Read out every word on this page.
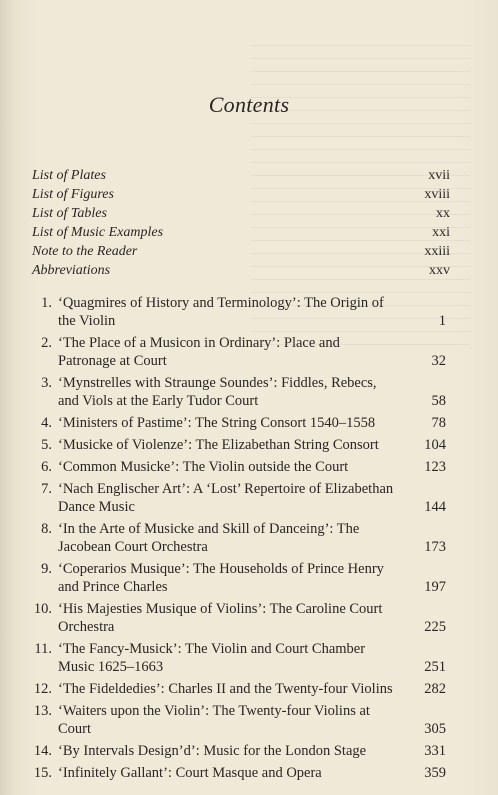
Contents
List of Plates	xvii
List of Figures	xviii
List of Tables	xx
List of Music Examples	xxi
Note to the Reader	xxiii
Abbreviations	xxv
1. ‘Quagmires of History and Terminology’: The Origin of the Violin	1
2. ‘The Place of a Musicon in Ordinary’: Place and Patronage at Court	32
3. ‘Mynstrelles with Straunge Soundes’: Fiddles, Rebecs, and Viols at the Early Tudor Court	58
4. ‘Ministers of Pastime’: The String Consort 1540–1558	78
5. ‘Musicke of Violenze’: The Elizabethan String Consort	104
6. ‘Common Musicke’: The Violin outside the Court	123
7. ‘Nach Englischer Art’: A ‘Lost’ Repertoire of Elizabethan Dance Music	144
8. ‘In the Arte of Musicke and Skill of Danceing’: The Jacobean Court Orchestra	173
9. ‘Coperarios Musique’: The Households of Prince Henry and Prince Charles	197
10. ‘His Majesties Musique of Violins’: The Caroline Court Orchestra	225
11. ‘The Fancy-Musick’: The Violin and Court Chamber Music 1625–1663	251
12. ‘The Fideldedies’: Charles II and the Twenty-four Violins	282
13. ‘Waiters upon the Violin’: The Twenty-four Violins at Court	305
14. ‘By Intervals Design’d’: Music for the London Stage	331
15. ‘Infinitely Gallant’: Court Masque and Opera	359
